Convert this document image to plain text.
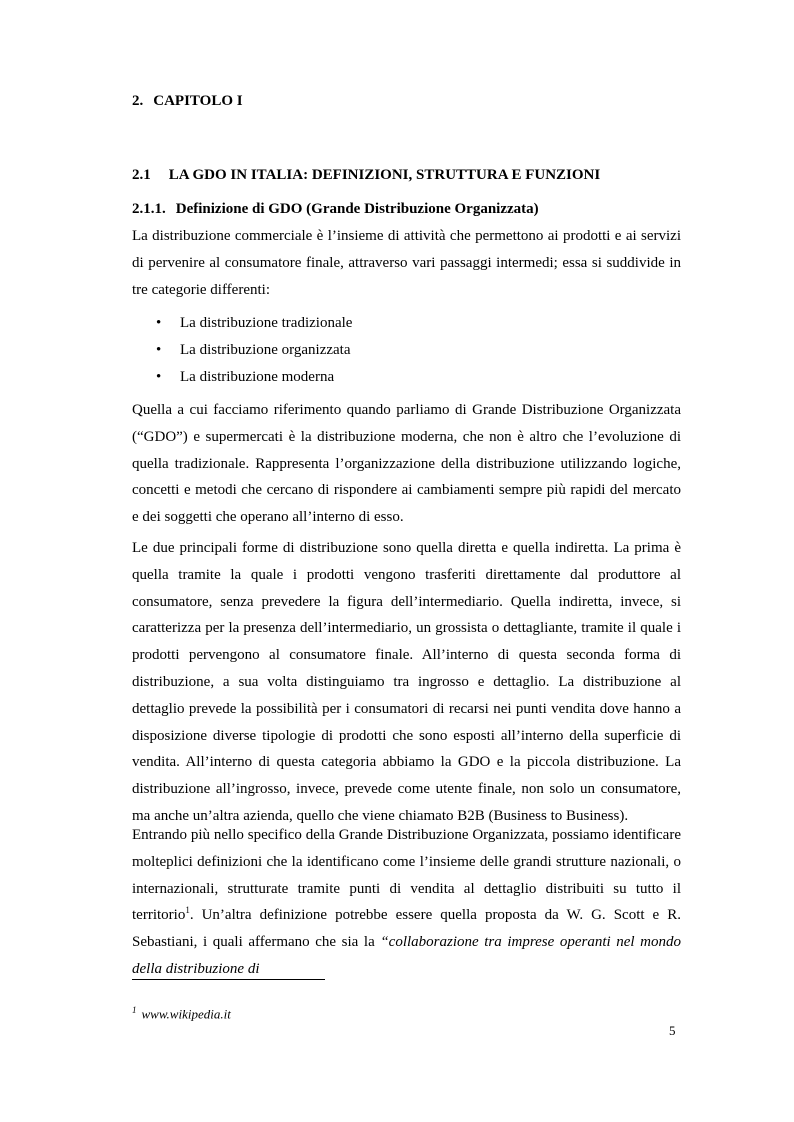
2. CAPITOLO I
2.1 LA GDO IN ITALIA: DEFINIZIONI, STRUTTURA E FUNZIONI
2.1.1. Definizione di GDO (Grande Distribuzione Organizzata)

La distribuzione commerciale è l’insieme di attività che permettono ai prodotti e ai servizi di pervenire al consumatore finale, attraverso vari passaggi intermedi; essa si suddivide in tre categorie differenti:

• La distribuzione tradizionale
• La distribuzione organizzata
• La distribuzione moderna

Quella a cui facciamo riferimento quando parliamo di Grande Distribuzione Organizzata (“GDO”) e supermercati è la distribuzione moderna, che non è altro che l’evoluzione di quella tradizionale. Rappresenta l’organizzazione della distribuzione utilizzando logiche, concetti e metodi che cercano di rispondere ai cambiamenti sempre più rapidi del mercato e dei soggetti che operano all’interno di esso.

Le due principali forme di distribuzione sono quella diretta e quella indiretta. La prima è quella tramite la quale i prodotti vengono trasferiti direttamente dal produttore al consumatore, senza prevedere la figura dell’intermediario. Quella indiretta, invece, si caratterizza per la presenza dell’intermediario, un grossista o dettagliante, tramite il quale i prodotti pervengono al consumatore finale. All’interno di questa seconda forma di distribuzione, a sua volta distinguiamo tra ingrosso e dettaglio. La distribuzione al dettaglio prevede la possibilità per i consumatori di recarsi nei punti vendita dove hanno a disposizione diverse tipologie di prodotti che sono esposti all’interno della superficie di vendita. All’interno di questa categoria abbiamo la GDO e la piccola distribuzione. La distribuzione all’ingrosso, invece, prevede come utente finale, non solo un consumatore, ma anche un’altra azienda, quello che viene chiamato B2B (Business to Business).

Entrando più nello specifico della Grande Distribuzione Organizzata, possiamo identificare molteplici definizioni che la identificano come l’insieme delle grandi strutture nazionali, o internazionali, strutturate tramite punti di vendita al dettaglio distribuiti su tutto il territorio$^1$. Un’altra definizione potrebbe essere quella proposta da W. G. Scott e R. Sebastiani, i quali affermano che sia la “collaborazione tra imprese operanti nel mondo della distribuzione di

$^1$ www.wikipedia.it

5
